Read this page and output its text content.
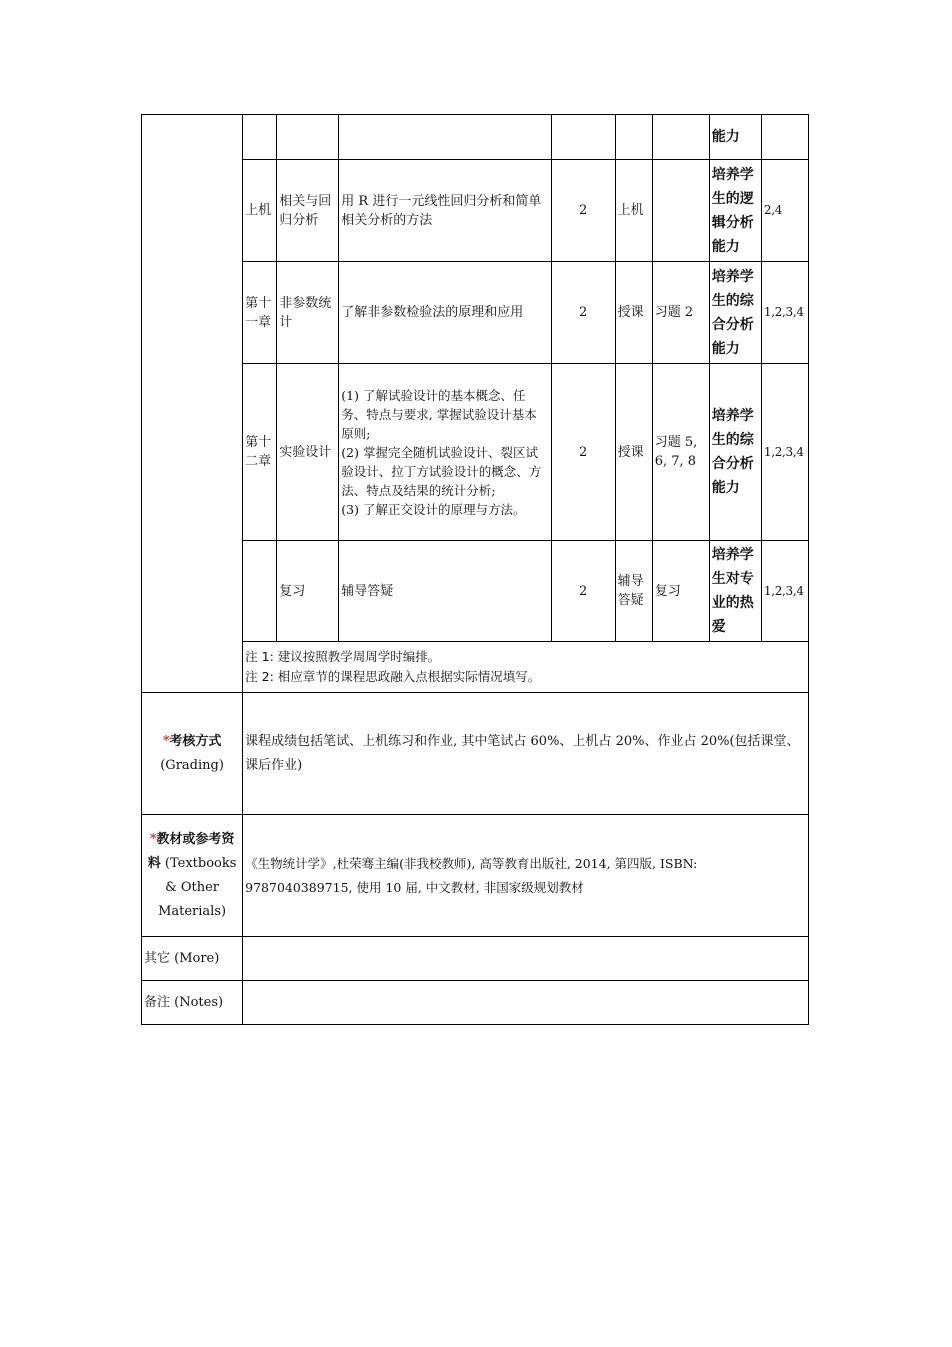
							能力	
	上机	相关与回归分析	用 R 进行一元线性回归分析和简单相关分析的方法	2	上机		培养学生的逻辑分析能力	2,4
	第十一章	非参数统计	了解非参数检验法的原理和应用	2	授课	习题 2	培养学生的综合分析能力	1,2,3,4
	第十二章	实验设计	(1) 了解试验设计的基本概念、任务、特点与要求, 掌握试验设计基本原则;
(2) 掌握完全随机试验设计、裂区试验设计、拉丁方试验设计的概念、方法、特点及结果的统计分析;
(3) 了解正交设计的原理与方法。	2	授课	习题 5, 6, 7, 8	培养学生的综合分析能力	1,2,3,4
		复习	辅导答疑	2	辅导答疑	复习	培养学生对专业的热爱	1,2,3,4

	注 1: 建议按照教学周周学时编排。
注 2: 相应章节的课程思政融入点根据实际情况填写。							

*考核方式
(Grading)	课程成绩包括笔试、上机练习和作业, 其中笔试占 60%、上机占 20%、作业占 20%(包括课堂、课后作业)							
*教材或参考资料 (Textbooks & Other Materials)	《生物统计学》,杜荣骞主编(非我校教师), 高等教育出版社, 2014, 第四版, ISBN: 9787040389715, 使用 10 届, 中文教材, 非国家级规划教材							
其它 (More)								
备注 (Notes)								
